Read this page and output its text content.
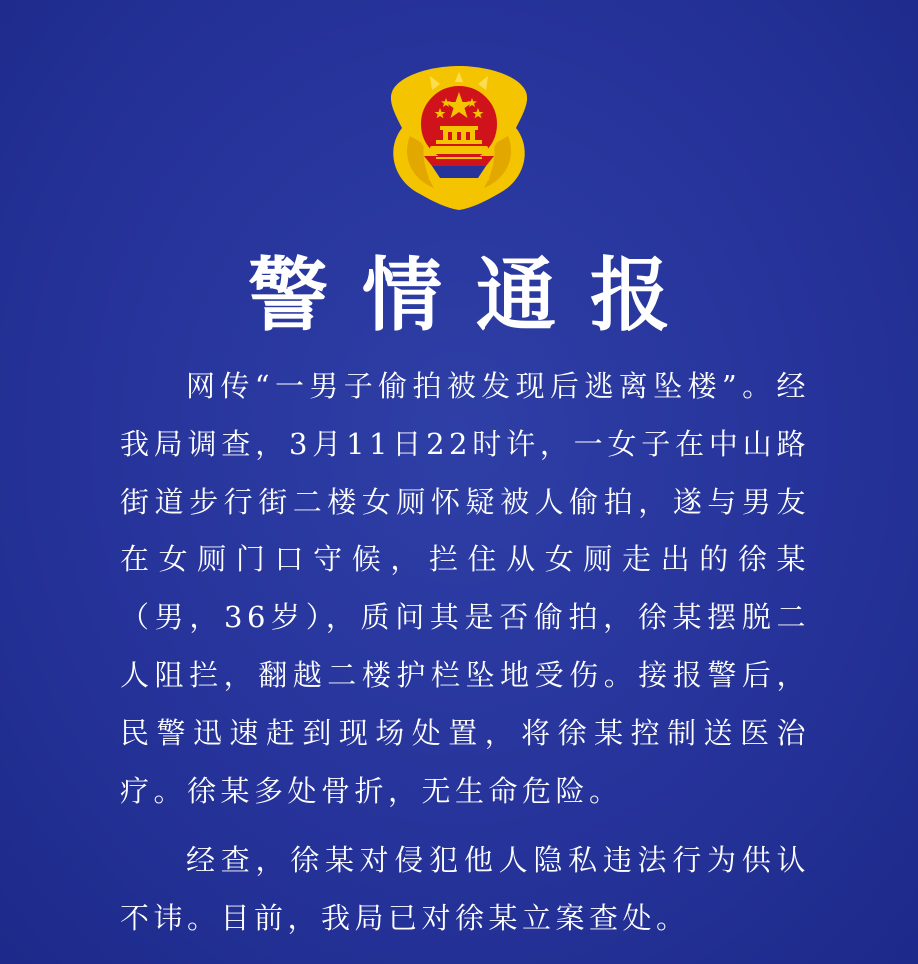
警情通报

网传“一男子偷拍被发现后逃离坠楼”。经我局调查，3月11日22时许，一女子在中山路街道步行街二楼女厕怀疑被人偷拍，遂与男友在女厕门口守候，拦住从女厕走出的徐某（男，36岁），质问其是否偷拍，徐某摆脱二人阻拦，翻越二楼护栏坠地受伤。接报警后，民警迅速赶到现场处置，将徐某控制送医治疗。徐某多处骨折，无生命危险。

经查，徐某对侵犯他人隐私违法行为供认不讳。目前，我局已对徐某立案查处。
